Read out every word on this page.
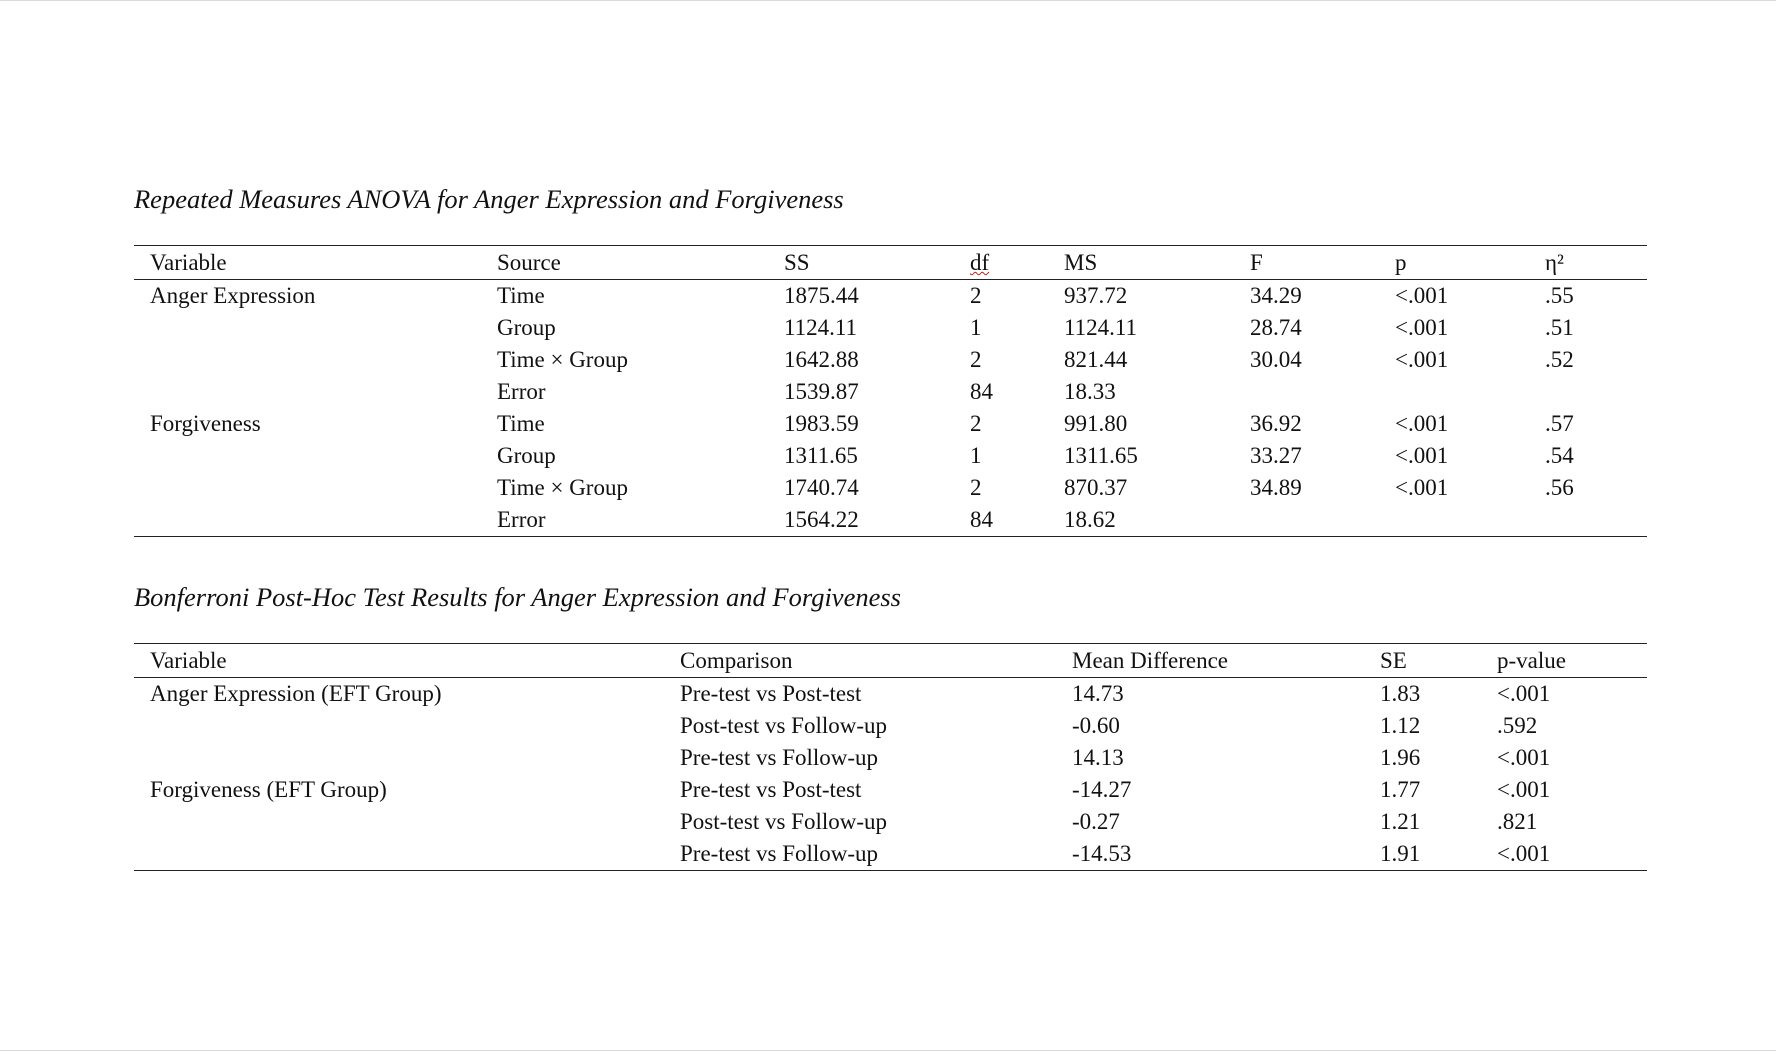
Repeated Measures ANOVA for Anger Expression and Forgiveness
Variable	Source	SS	df	MS	F	p	η²
Anger Expression	Time	1875.44	2	937.72	34.29	<.001	.55
	Group	1124.11	1	1124.11	28.74	<.001	.51
	Time × Group	1642.88	2	821.44	30.04	<.001	.52
	Error	1539.87	84	18.33			
Forgiveness	Time	1983.59	2	991.80	36.92	<.001	.57
	Group	1311.65	1	1311.65	33.27	<.001	.54
	Time × Group	1740.74	2	870.37	34.89	<.001	.56
	Error	1564.22	84	18.62			
Bonferroni Post-Hoc Test Results for Anger Expression and Forgiveness
Variable	Comparison	Mean Difference	SE	p-value
Anger Expression (EFT Group)	Pre-test vs Post-test	14.73	1.83	<.001
	Post-test vs Follow-up	-0.60	1.12	.592
	Pre-test vs Follow-up	14.13	1.96	<.001
Forgiveness (EFT Group)	Pre-test vs Post-test	-14.27	1.77	<.001
	Post-test vs Follow-up	-0.27	1.21	.821
	Pre-test vs Follow-up	-14.53	1.91	<.001
